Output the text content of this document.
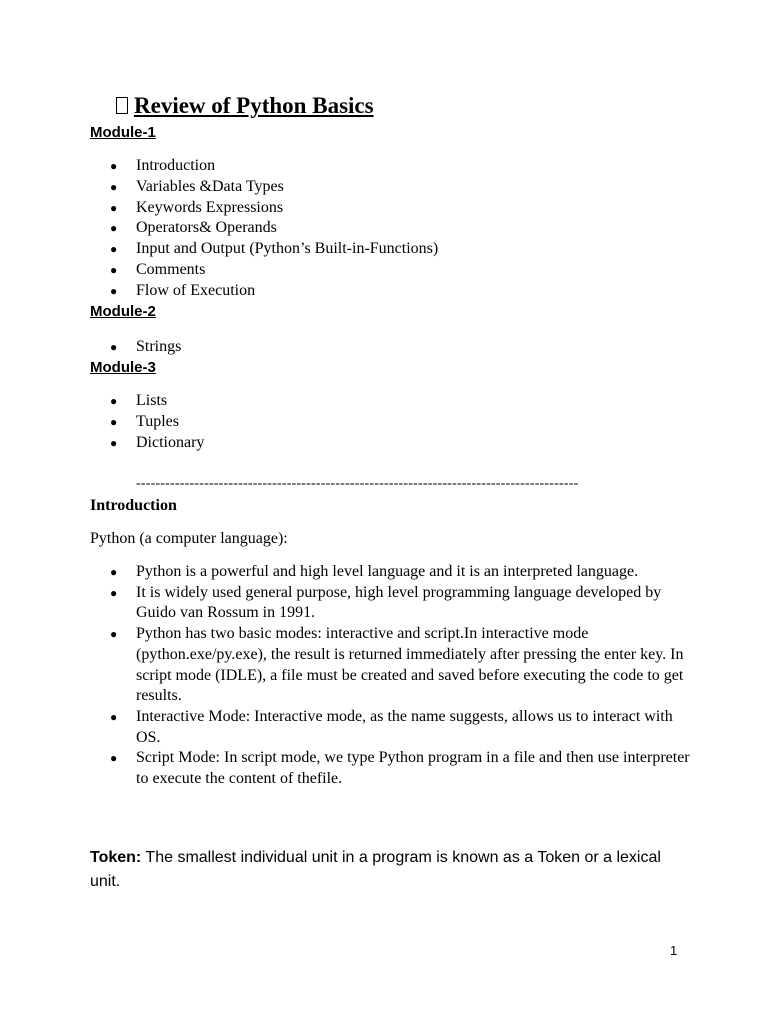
Review of Python Basics
Module-1
● Introduction
● Variables &Data Types
● Keywords Expressions
● Operators& Operands
● Input and Output (Python’s Built-in-Functions)
● Comments
● Flow of Execution
Module-2
● Strings
Module-3
● Lists
● Tuples
● Dictionary
-------------------------------------------------------------------------------------------
Introduction
Python (a computer language):
● Python is a powerful and high level language and it is an interpreted language.
● It is widely used general purpose, high level programming language developed by Guido van Rossum in 1991.
● Python has two basic modes: interactive and script.In interactive mode (python.exe/py.exe), the result is returned immediately after pressing the enter key. In script mode (IDLE), a file must be created and saved before executing the code to get results.
● Interactive Mode: Interactive mode, as the name suggests, allows us to interact with OS.
● Script Mode: In script mode, we type Python program in a file and then use interpreter to execute the content of thefile.
Token: The smallest individual unit in a program is known as a Token or a lexical unit.
1
